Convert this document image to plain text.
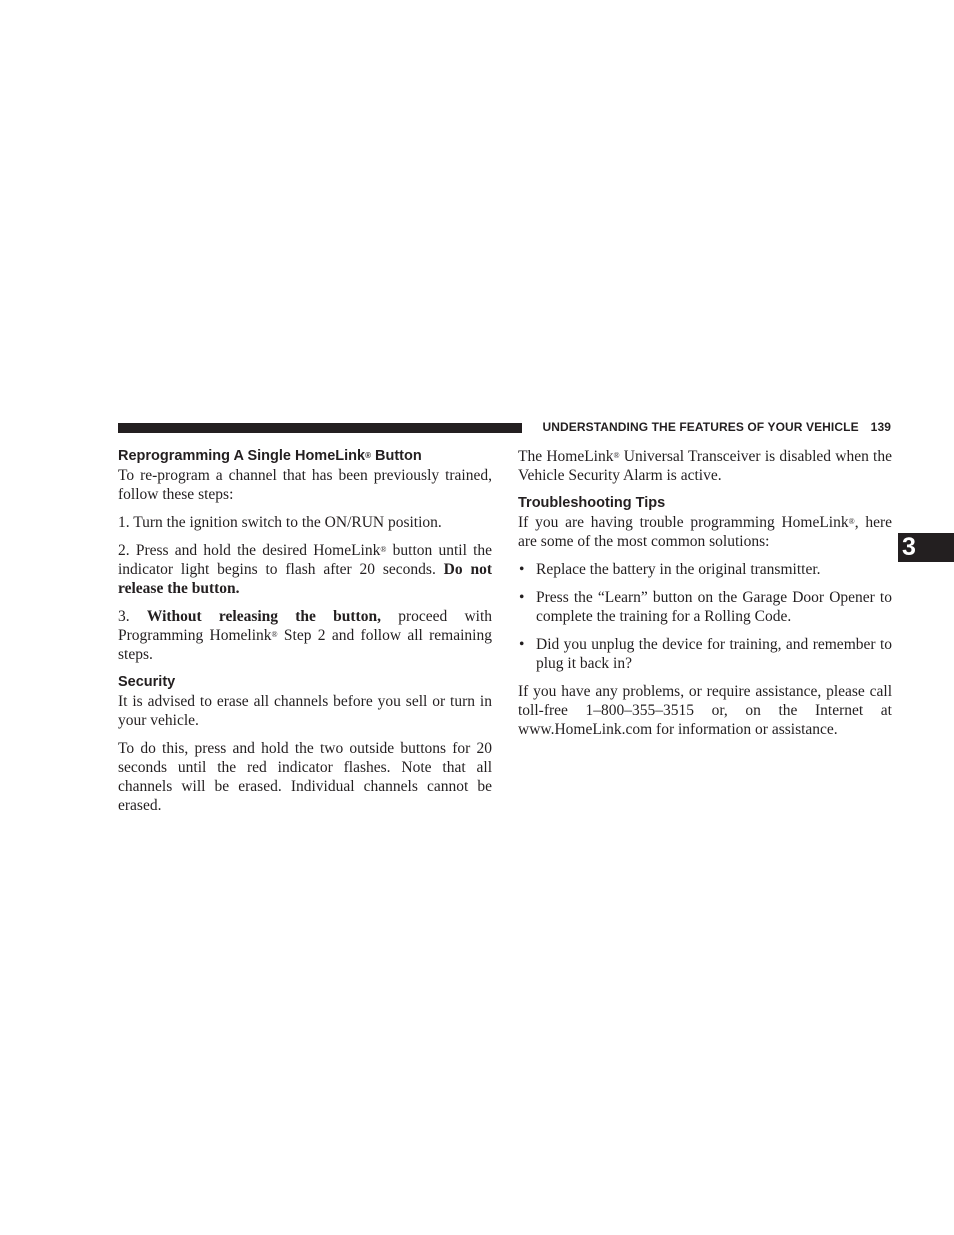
UNDERSTANDING THE FEATURES OF YOUR VEHICLE 139
3
Reprogramming A Single HomeLink® Button

To re-program a channel that has been previously trained, follow these steps:

1. Turn the ignition switch to the ON/RUN position.

2. Press and hold the desired HomeLink® button until the indicator light begins to flash after 20 seconds. Do not release the button.

3. Without releasing the button, proceed with Programming Homelink® Step 2 and follow all remaining steps.

Security

It is advised to erase all channels before you sell or turn in your vehicle.

To do this, press and hold the two outside buttons for 20 seconds until the red indicator flashes. Note that all channels will be erased. Individual channels cannot be erased.

The HomeLink® Universal Transceiver is disabled when the Vehicle Security Alarm is active.

Troubleshooting Tips

If you are having trouble programming HomeLink®, here are some of the most common solutions:

• Replace the battery in the original transmitter.
• Press the “Learn” button on the Garage Door Opener to complete the training for a Rolling Code.
• Did you unplug the device for training, and remember to plug it back in?

If you have any problems, or require assistance, please call toll-free 1–800–355–3515 or, on the Internet at www.HomeLink.com for information or assistance.
